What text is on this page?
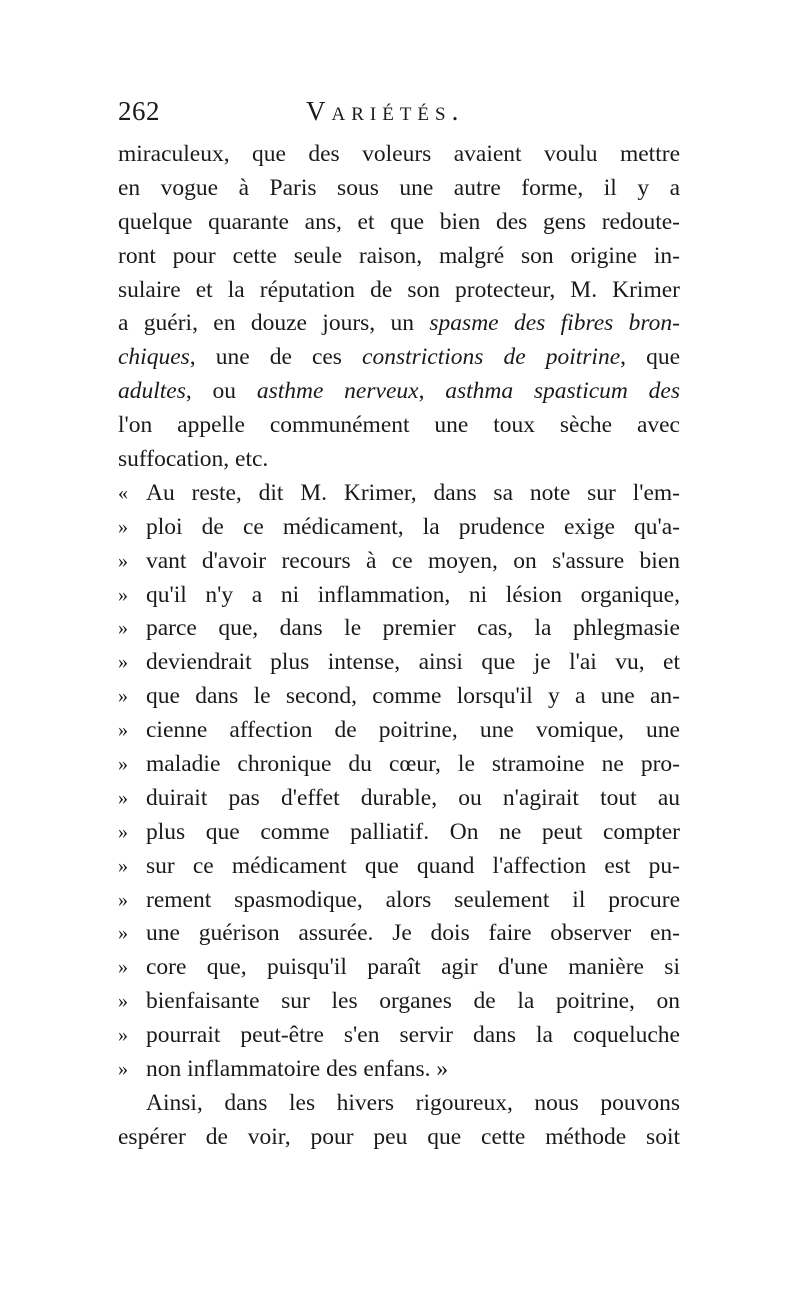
262	Variétés.
miraculeux, que des voleurs avaient voulu mettre
en vogue à Paris sous une autre forme, il y a
quelque quarante ans, et que bien des gens redoute-
ront pour cette seule raison, malgré son origine in-
sulaire et la réputation de son protecteur, M. Krimer
a guéri, en douze jours, un spasme des fibres bron-
chiques, une de ces constrictions de poitrine, que
adultes, ou asthme nerveux, asthma spasticum des
l'on appelle communément une toux sèche avec
suffocation, etc.
« Au reste, dit M. Krimer, dans sa note sur l'em-
» ploi de ce médicament, la prudence exige qu'a-
» vant d'avoir recours à ce moyen, on s'assure bien
» qu'il n'y a ni inflammation, ni lésion organique,
» parce que, dans le premier cas, la phlegmasie
» deviendrait plus intense, ainsi que je l'ai vu, et
» que dans le second, comme lorsqu'il y a une an-
» cienne affection de poitrine, une vomique, une
» maladie chronique du cœur, le stramoine ne pro-
» duirait pas d'effet durable, ou n'agirait tout au
» plus que comme palliatif. On ne peut compter
» sur ce médicament que quand l'affection est pu-
» rement spasmodique, alors seulement il procure
» une guérison assurée. Je dois faire observer en-
» core que, puisqu'il paraît agir d'une manière si
» bienfaisante sur les organes de la poitrine, on
» pourrait peut-être s'en servir dans la coqueluche
» non inflammatoire des enfans. »
Ainsi, dans les hivers rigoureux, nous pouvons
espérer de voir, pour peu que cette méthode soit
